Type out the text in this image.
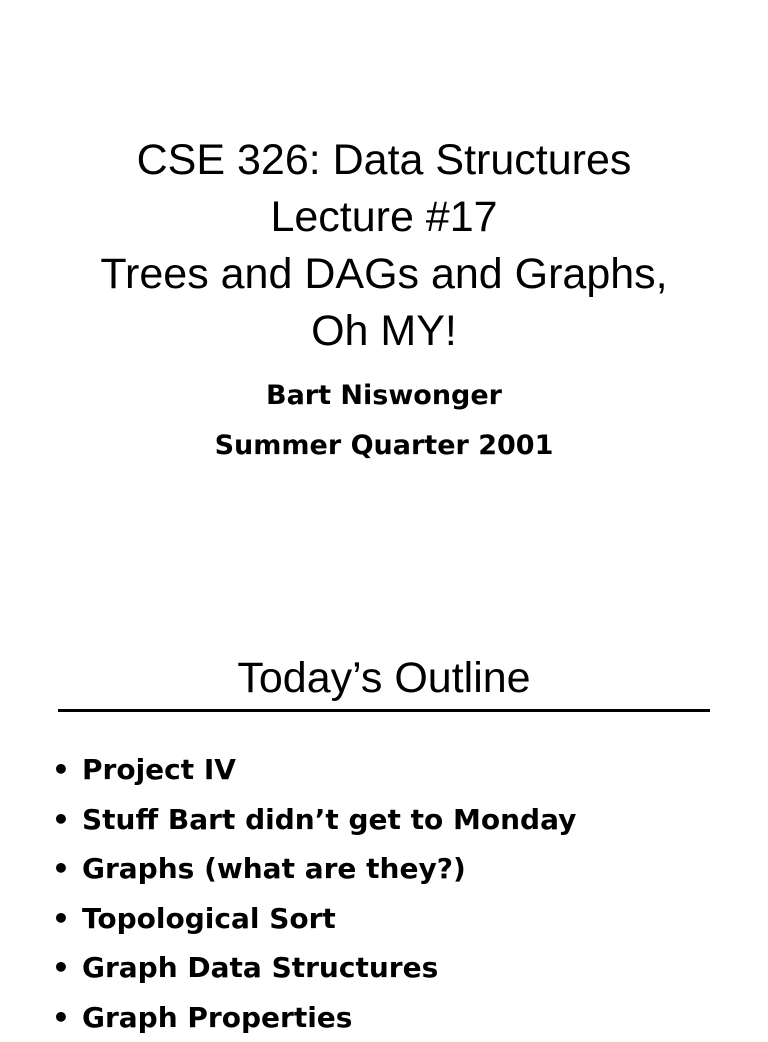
CSE 326: Data Structures
Lecture #17
Trees and DAGs and Graphs,
Oh MY!
Bart Niswonger
Summer Quarter 2001
Today’s Outline
• Project IV
• Stuff Bart didn’t get to Monday
• Graphs (what are they?)
• Topological Sort
• Graph Data Structures
• Graph Properties
